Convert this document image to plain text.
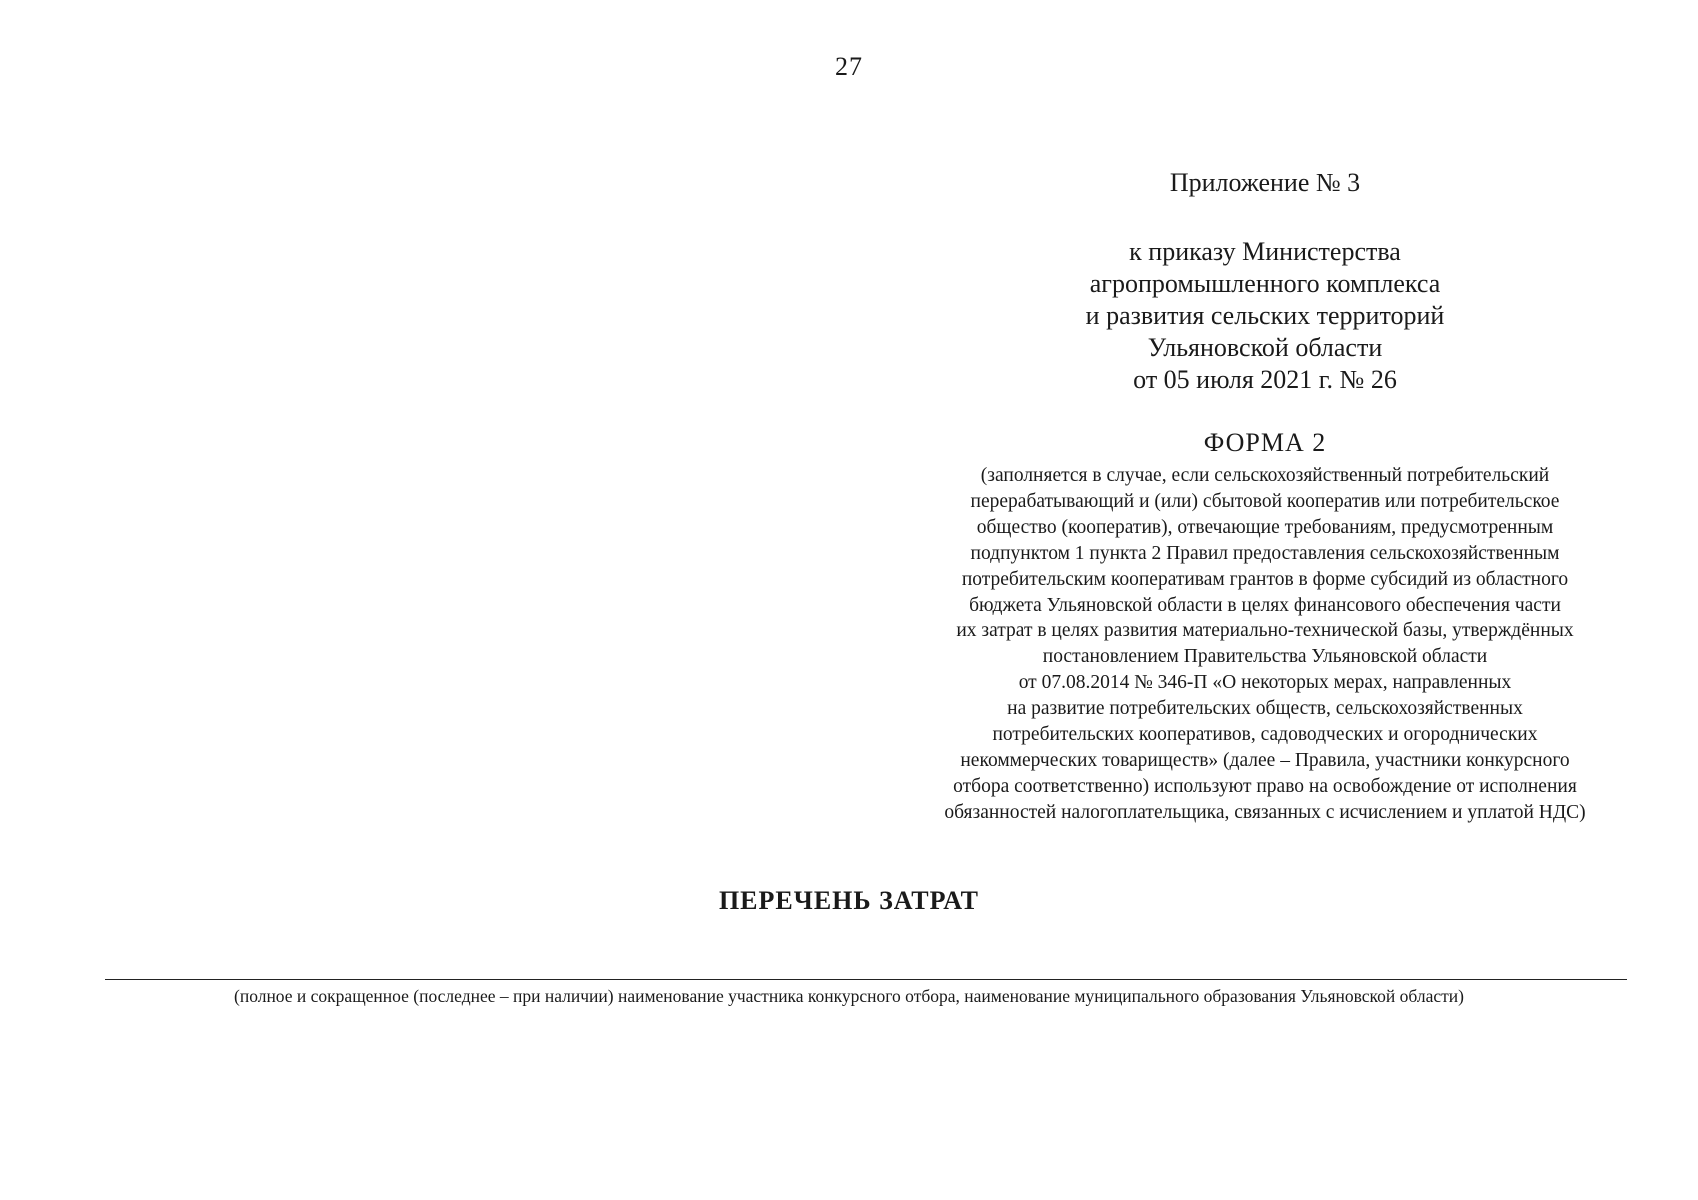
27
Приложение № 3
к приказу Министерства
агропромышленного комплекса
и развития сельских территорий
Ульяновской области
от 05 июля 2021 г. № 26
ФОРМА 2
(заполняется в случае, если сельскохозяйственный потребительский
перерабатывающий и (или) сбытовой кооператив или потребительское
общество (кооператив), отвечающие требованиям, предусмотренным
подпунктом 1 пункта 2 Правил предоставления сельскохозяйственным
потребительским кооперативам грантов в форме субсидий из областного
бюджета Ульяновской области в целях финансового обеспечения части
их затрат в целях развития материально-технической базы, утверждённых
постановлением Правительства Ульяновской области
от 07.08.2014 № 346-П «О некоторых мерах, направленных
на развитие потребительских обществ, сельскохозяйственных
потребительских кооперативов, садоводческих и огороднических
некоммерческих товариществ» (далее – Правила, участники конкурсного
отбора соответственно) используют право на освобождение от исполнения
обязанностей налогоплательщика, связанных с исчислением и уплатой НДС)
ПЕРЕЧЕНЬ ЗАТРАТ
(полное и сокращенное (последнее – при наличии) наименование участника конкурсного отбора, наименование муниципального образования Ульяновской области)
